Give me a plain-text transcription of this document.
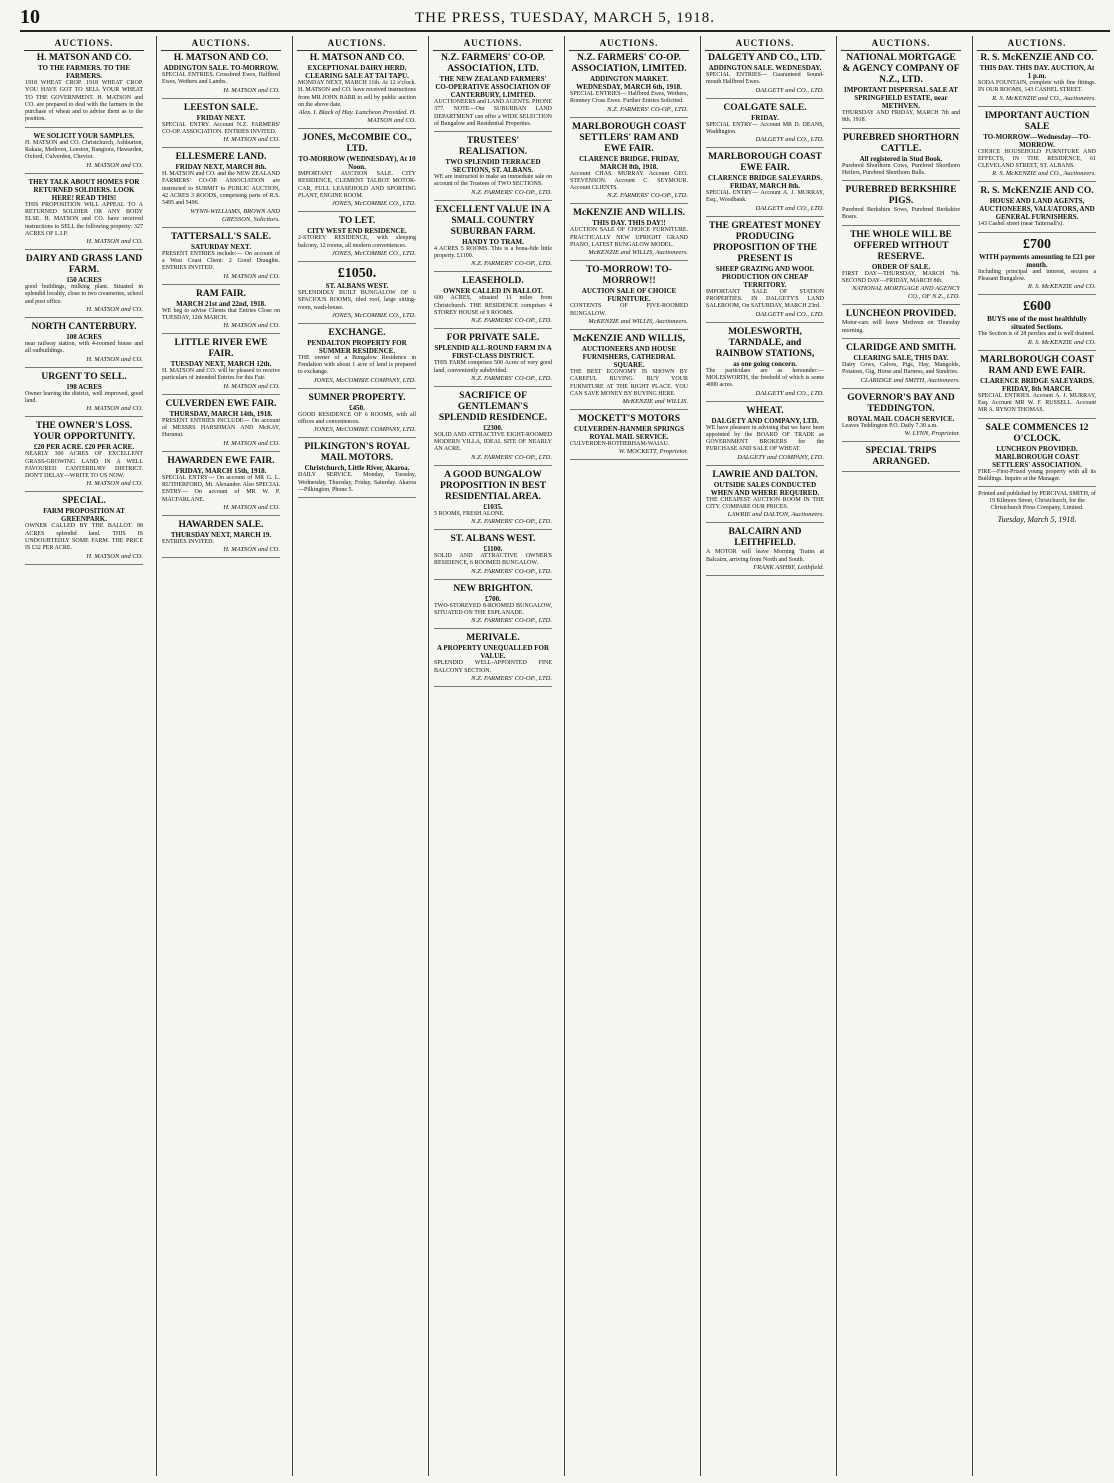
10	THE PRESS, TUESDAY, MARCH 5, 1918.
AUCTIONS.
H. MATSON AND CO.
TO THE FARMERS. TO THE FARMERS.
1918 WHEAT CROP. 1918 WHEAT CROP. YOU HAVE GOT TO SELL YOUR WHEAT TO THE GOVERNMENT. H. MATSON and CO. are prepared to deal with the farmers in the purchase of wheat and to advise them as to the position.
WE SOLICIT YOUR SAMPLES.
H. MATSON and CO. Christchurch, Ashburton, Rakaia, Methven, Leeston, Rangiora, Hawarden, Oxford, Culverden, Cheviot.
H. MATSON and CO.
THEY TALK ABOUT HOMES FOR RETURNED SOLDIERS. LOOK HERE! READ THIS!
THIS PROPOSITION WILL APPEAL TO A RETURNED SOLDIER OR ANY BODY ELSE. H. MATSON and CO. have received instructions to SELL the following property: 327 ACRES OF L.I.P.
H. MATSON and CO.
DAIRY AND GRASS LAND FARM.
150 ACRES
good buildings, milking plant. Situated in splendid locality, close to two creameries, school and post office.
H. MATSON and CO.
NORTH CANTERBURY.
108 ACRES
near railway station, with 4-roomed house and all outbuildings.
H. MATSON and CO.
URGENT TO SELL.
198 ACRES
Owner leaving the district, well improved, good land.
H. MATSON and CO.
THE OWNER'S LOSS. YOUR OPPORTUNITY.
£20 PER ACRE. £20 PER ACRE.
NEARLY 300 ACRES OF EXCELLENT GRASS-GROWING LAND IN A WELL FAVOURED CANTERBURY DISTRICT. DON'T DELAY—WRITE TO US NOW.
H. MATSON and CO.
SPECIAL.
FARM PROPOSITION AT GREENPARK.
OWNER CALLED BY THE BALLOT. 98 ACRES splendid land. THIS IS UNDOUBTEDLY SOME FARM. THE PRICE IS £32 PER ACRE.
H. MATSON and CO.
AUCTIONS.
H. MATSON AND CO.
ADDINGTON SALE. TO-MORROW.
SPECIAL ENTRIES. Crossbred Ewes, Halfbred Ewes, Wethers and Lambs.
H. MATSON and CO.
LEESTON SALE.
FRIDAY NEXT.
SPECIAL ENTRY. Account N.Z. FARMERS' CO-OP. ASSOCIATION. ENTRIES INVITED.
H. MATSON and CO.
ELLESMERE LAND.
FRIDAY NEXT, MARCH 8th.
H. MATSON and CO. and the NEW ZEALAND FARMERS' CO-OP. ASSOCIATION are instructed to SUBMIT to PUBLIC AUCTION, 42 ACRES 3 ROODS, comprising parts of R.S. 5495 and 5496.
WYNN-WILLIAMS, BROWN AND GRESSON, Solicitors.
TATTERSALL'S SALE.
SATURDAY NEXT.
PRESENT ENTRIES include:— On account of a West Coast Client: 2 Good Draughts. ENTRIES INVITED.
H. MATSON and CO.
RAM FAIR.
MARCH 21st and 22nd, 1918.
WE beg to advise Clients that Entries Close on TUESDAY, 12th MARCH.
H. MATSON and CO.
LITTLE RIVER EWE FAIR.
TUESDAY NEXT, MARCH 12th.
H. MATSON and CO. will be pleased to receive particulars of intended Entries for this Fair.
H. MATSON and CO.
CULVERDEN EWE FAIR.
THURSDAY, MARCH 14th, 1918.
PRESENT ENTRIES INCLUDE— On account of MESSRS HARSHMAN AND McKAY, Hurunui.
H. MATSON and CO.
HAWARDEN EWE FAIR.
FRIDAY, MARCH 15th, 1918.
SPECIAL ENTRY— On account of MR G. L. RUTHERFORD, Mt. Alexander. Also SPECIAL ENTRY— On account of MR W. P. MACFARLANE.
H. MATSON and CO.
HAWARDEN SALE.
THURSDAY NEXT, MARCH 19.
ENTRIES INVITED.
H. MATSON and CO.
AUCTIONS.
H. MATSON AND CO.
EXCEPTIONAL DAIRY HERD. CLEARING SALE AT TAI TAPU.
MONDAY NEXT, MARCH 11th. At 12 o'clock. H. MATSON and CO. have received instructions from MR JOHN BARR to sell by public auction on the above date.
Alex. I. Black of Hay. Luncheon Provided. H. MATSON and CO.
JONES, McCOMBIE CO., LTD.
TO-MORROW (WEDNESDAY), At 10 Noon.
IMPORTANT AUCTION SALE. CITY RESIDENCE, CLEMENT TALBOT MOTOR-CAR, FULL LEASEHOLD AND SPORTING PLANT, ENGINE ROOM.
JONES, McCOMBIE CO., LTD.
TO LET.
CITY WEST END RESIDENCE.
2-STOREY RESIDENCE, with sleeping balcony, 12 rooms, all modern conveniences.
JONES, McCOMBIE CO., LTD.
£1050.
ST. ALBANS WEST.
SPLENDIDLY BUILT BUNGALOW OF 6 SPACIOUS ROOMS, tiled roof, large sitting-room, wash-house.
JONES, McCOMBIE CO., LTD.
EXCHANGE.
PENDALTON PROPERTY FOR SUMMER RESIDENCE.
THE owner of a Bungalow Residence in Fendalton with about 1 acre of land is prepared to exchange.
JONES, McCOMBIE COMPANY, LTD.
SUMNER PROPERTY.
£450.
GOOD RESIDENCE OF 6 ROOMS, with all offices and conveniences.
JONES, McCOMBIE COMPANY, LTD.
PILKINGTON'S ROYAL MAIL MOTORS.
Christchurch, Little River, Akaroa.
DAILY SERVICE. Monday, Tuesday, Wednesday, Thursday, Friday, Saturday. Akaroa—Pilkington, Phone 5.
AUCTIONS.
N.Z. FARMERS' CO-OP. ASSOCIATION, LTD.
THE NEW ZEALAND FARMERS' CO-OPERATIVE ASSOCIATION OF CANTERBURY, LIMITED.
AUCTIONEERS and LAND AGENTS. PHONE 377. NOTE—Our SUBURBAN LAND DEPARTMENT can offer a WIDE SELECTION of Bungalow and Residential Properties.
TRUSTEES' REALISATION.
TWO SPLENDID TERRACED SECTIONS, ST. ALBANS.
WE are instructed to make an immediate sale on account of the Trustees of TWO SECTIONS.
N.Z. FARMERS' CO-OP., LTD.
EXCELLENT VALUE IN A SMALL COUNTRY SUBURBAN FARM.
HANDY TO TRAM.
4 ACRES 5 ROOMS. This is a bona-fide little property. £1100.
N.Z. FARMERS' CO-OP., LTD.
LEASEHOLD.
OWNER CALLED IN BALLOT.
600 ACRES, situated 11 miles from Christchurch. THE RESIDENCE comprises 4 STOREY HOUSE of 9 ROOMS.
N.Z. FARMERS' CO-OP., LTD.
FOR PRIVATE SALE.
SPLENDID ALL-ROUND FARM IN A FIRST-CLASS DISTRICT.
THIS FARM comprises 500 Acres of very good land, conveniently subdivided.
N.Z. FARMERS' CO-OP., LTD.
SACRIFICE OF GENTLEMAN'S SPLENDID RESIDENCE.
£2300.
SOLID AND ATTRACTIVE EIGHT-ROOMED MODERN VILLA, IDEAL SITE OF NEARLY AN ACRE.
N.Z. FARMERS' CO-OP., LTD.
A GOOD BUNGALOW PROPOSITION IN BEST RESIDENTIAL AREA.
£1035.
5 ROOMS, FRESH ALONE.
N.Z. FARMERS' CO-OP., LTD.
ST. ALBANS WEST.
£1100.
SOLID AND ATTRACTIVE OWNER'S RESIDENCE, 6 ROOMED BUNGALOW.
N.Z. FARMERS' CO-OP., LTD.
NEW BRIGHTON.
£700.
TWO-STOREYED 8-ROOMED BUNGALOW, SITUATED ON THE ESPLANADE.
N.Z. FARMERS' CO-OP., LTD.
MERIVALE.
A PROPERTY UNEQUALLED FOR VALUE.
SPLENDID WELL-APPOINTED FINE BALCONY SECTION.
N.Z. FARMERS' CO-OP., LTD.
AUCTIONS.
N.Z. FARMERS' CO-OP. ASSOCIATION, LIMITED.
ADDINGTON MARKET. WEDNESDAY, MARCH 6th, 1918.
SPECIAL ENTRIES— Halfbred Ewes, Wethers, Romney Cross Ewes. Further Entries Solicited.
N.Z. FARMERS' CO-OP., LTD.
MARLBOROUGH COAST SETTLERS' RAM AND EWE FAIR.
CLARENCE BRIDGE. FRIDAY, MARCH 8th, 1918.
Account CHAS. MURRAY. Account GEO. STEVENSON. Account C. SEYMOUR. Account CLIENTS.
N.Z. FARMERS' CO-OP., LTD.
McKENZIE AND WILLIS.
THIS DAY. THIS DAY!!
AUCTION SALE OF CHOICE FURNITURE. PRACTICALLY NEW UPRIGHT GRAND PIANO, LATEST BUNGALOW MODEL.
McKENZIE and WILLIS, Auctioneers.
TO-MORROW! TO-MORROW!!
AUCTION SALE OF CHOICE FURNITURE.
CONTENTS OF FIVE-ROOMED BUNGALOW.
McKENZIE and WILLIS, Auctioneers.
McKENZIE AND WILLIS,
AUCTIONEERS AND HOUSE FURNISHERS, CATHEDRAL SQUARE.
THE BEST ECONOMY IS SHOWN BY CAREFUL BUYING. BUY YOUR FURNITURE AT THE RIGHT PLACE. YOU CAN SAVE MONEY BY BUYING HERE.
McKENZIE and WILLIS.
MOCKETT'S MOTORS
CULVERDEN-HANMER SPRINGS ROYAL MAIL SERVICE.
CULVERDEN-ROTHERHAM-WAIAU.
W. MOCKETT, Proprietor.
AUCTIONS.
DALGETY AND CO., LTD.
ADDINGTON SALE. WEDNESDAY.
SPECIAL ENTRIES— Guaranteed Sound-mouth Halfbred Ewes.
DALGETY and CO., LTD.
COALGATE SALE.
FRIDAY.
SPECIAL ENTRY— Account MR D. DEANS, Waddington.
DALGETY and CO., LTD.
MARLBOROUGH COAST EWE FAIR.
CLARENCE BRIDGE SALEYARDS. FRIDAY, MARCH 8th.
SPECIAL ENTRY— Account A. J. MURRAY, Esq., Woodbank.
DALGETY and CO., LTD.
THE GREATEST MONEY PRODUCING PROPOSITION OF THE PRESENT IS
SHEEP GRAZING AND WOOL PRODUCTION ON CHEAP TERRITORY.
IMPORTANT SALE OF STATION PROPERTIES. IN DALGETY'S LAND SALEROOM, On SATURDAY, MARCH 23rd.
DALGETY and CO., LTD.
MOLESWORTH, TARNDALE, and RAINBOW STATIONS,
as one going concern.
The particulars are as hereunder:— MOLESWORTH, the freehold of which is some 4000 acres.
DALGETY and CO., LTD.
WHEAT.
DALGETY AND COMPANY, LTD.
WE have pleasure in advising that we have been appointed by the BOARD OF TRADE as GOVERNMENT BROKERS for the PURCHASE AND SALE OF WHEAT.
DALGETY and COMPANY, LTD.
LAWRIE AND DALTON.
OUTSIDE SALES CONDUCTED WHEN AND WHERE REQUIRED.
THE CHEAPEST AUCTION ROOM IN THE CITY. COMPARE OUR PRICES.
LAWRIE and DALTON, Auctioneers.
BALCAIRN AND LEITHFIELD.
A MOTOR will leave Morning Trains at Balcairn, arriving from North and South.
FRANK ASHBY, Leithfield.
AUCTIONS.
NATIONAL MORTGAGE & AGENCY COMPANY OF N.Z., LTD.
IMPORTANT DISPERSAL SALE AT SPRINGFIELD ESTATE, near METHVEN.
THURSDAY AND FRIDAY, MARCH 7th and 8th, 1918.
PUREBRED SHORTHORN CATTLE.
All registered in Stud Book.
Purebred Shorthorn Cows, Purebred Shorthorn Heifers, Purebred Shorthorn Bulls.
PUREBRED BERKSHIRE PIGS.
Purebred Berkshire Sows, Purebred Berkshire Boars.
THE WHOLE WILL BE OFFERED WITHOUT RESERVE.
ORDER OF SALE.
FIRST DAY—THURSDAY, MARCH 7th. SECOND DAY—FRIDAY, MARCH 8th.
NATIONAL MORTGAGE AND AGENCY CO., OF N.Z., LTD.
LUNCHEON PROVIDED.
Motor-cars will leave Methven on Thursday morning.
CLARIDGE AND SMITH.
CLEARING SALE, THIS DAY.
Dairy Cows, Calves, Pigs, Hay, Mangolds, Potatoes, Gig, Horse and Harness, and Sundries.
CLARIDGE and SMITH, Auctioneers.
GOVERNOR'S BAY AND TEDDINGTON.
ROYAL MAIL COACH SERVICE.
Leaves Teddington P.O. Daily 7.30 a.m.
W. LYNN, Proprietor.
SPECIAL TRIPS ARRANGED.
AUCTIONS.
R. S. McKENZIE AND CO.
THIS DAY. THIS DAY. AUCTION, At 1 p.m.
SODA FOUNTAIN, complete with fine fittings. IN OUR ROOMS, 143 CASHEL STREET.
R. S. McKENZIE and CO., Auctioneers.
IMPORTANT AUCTION SALE
TO-MORROW—Wednesday—TO-MORROW.
CHOICE HOUSEHOLD FURNITURE AND EFFECTS, IN THE RESIDENCE, 61 CLEVELAND STREET, ST. ALBANS.
R. S. McKENZIE and CO., Auctioneers.
R. S. McKENZIE AND CO.
HOUSE AND LAND AGENTS, AUCTIONEERS, VALUATORS, AND GENERAL FURNISHERS.
143 Cashel street (near Tattersall's).
£700
WITH payments amounting to £21 per month.
Including principal and interest, secures a Pleasant Bungalow.
R. S. McKENZIE and CO.
£600
BUYS one of the most healthfully situated Sections.
The Section is of 28 perches and is well drained.
R. S. McKENZIE and CO.
MARLBOROUGH COAST RAM AND EWE FAIR.
CLARENCE BRIDGE SALEYARDS. FRIDAY, 8th MARCH.
SPECIAL ENTRIES. Account A. J. MURRAY, Esq. Account MR W. F. RUSSELL. Account MR A. RYSON THOMAS.
SALE COMMENCES 12 O'CLOCK.
LUNCHEON PROVIDED. MARLBOROUGH COAST SETTLERS' ASSOCIATION.
FIRE—First-Prized young property with all its Buildings. Inquire at the Manager.
Printed and published by PERCIVAL SMITH, of 19 Kilmore Street, Christchurch, for the Christchurch Press Company, Limited.
Tuesday, March 5, 1918.
